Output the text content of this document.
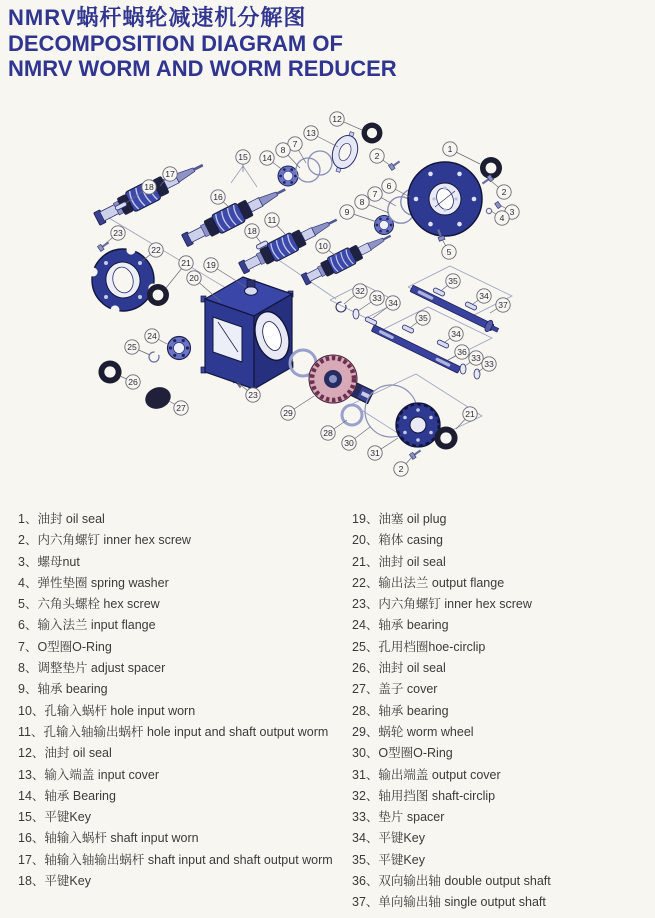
NMRV蜗杆蜗轮减速机分解图
DECOMPOSITION DIAGRAM OF
NMRV WORM AND WORM REDUCER
12
13
7
8
14
15
1
2
17
18
16
6
7
8
9
2
3
4
5
11
18
10
23
22
21 19
20	35
32	34
33 34	37
35
34
24
25	36
33
33
26
23
27	29	21
28
30
31
2
1、油封 oil seal
2、内六角螺钉 inner hex screw
3、螺母nut
4、弹性垫圈 spring washer
5、六角头螺栓 hex screw
6、输入法兰 input flange
7、O型圈O-Ring
8、调整垫片 adjust spacer
9、轴承 bearing
10、孔输入蜗杆 hole input worn
11、孔输入轴输出蜗杆 hole input and shaft output worm
12、油封 oil seal
13、输入端盖 input cover
14、轴承 Bearing
15、平键Key
16、轴输入蜗杆 shaft input worn
17、轴输入轴输出蜗杆 shaft input and shaft output worm
18、平键Key
19、油塞 oil plug
20、箱体 casing
21、油封 oil seal
22、输出法兰 output flange
23、内六角螺钉 inner hex screw
24、轴承 bearing
25、孔用档圈hoe-circlip
26、油封 oil seal
27、盖子 cover
28、轴承 bearing
29、蜗轮 worm wheel
30、O型圈O-Ring
31、输出端盖 output cover
32、轴用挡图 shaft-circlip
33、垫片 spacer
34、平键Key
35、平键Key
36、双向输出轴 double output shaft
37、单向输出轴 single output shaft
